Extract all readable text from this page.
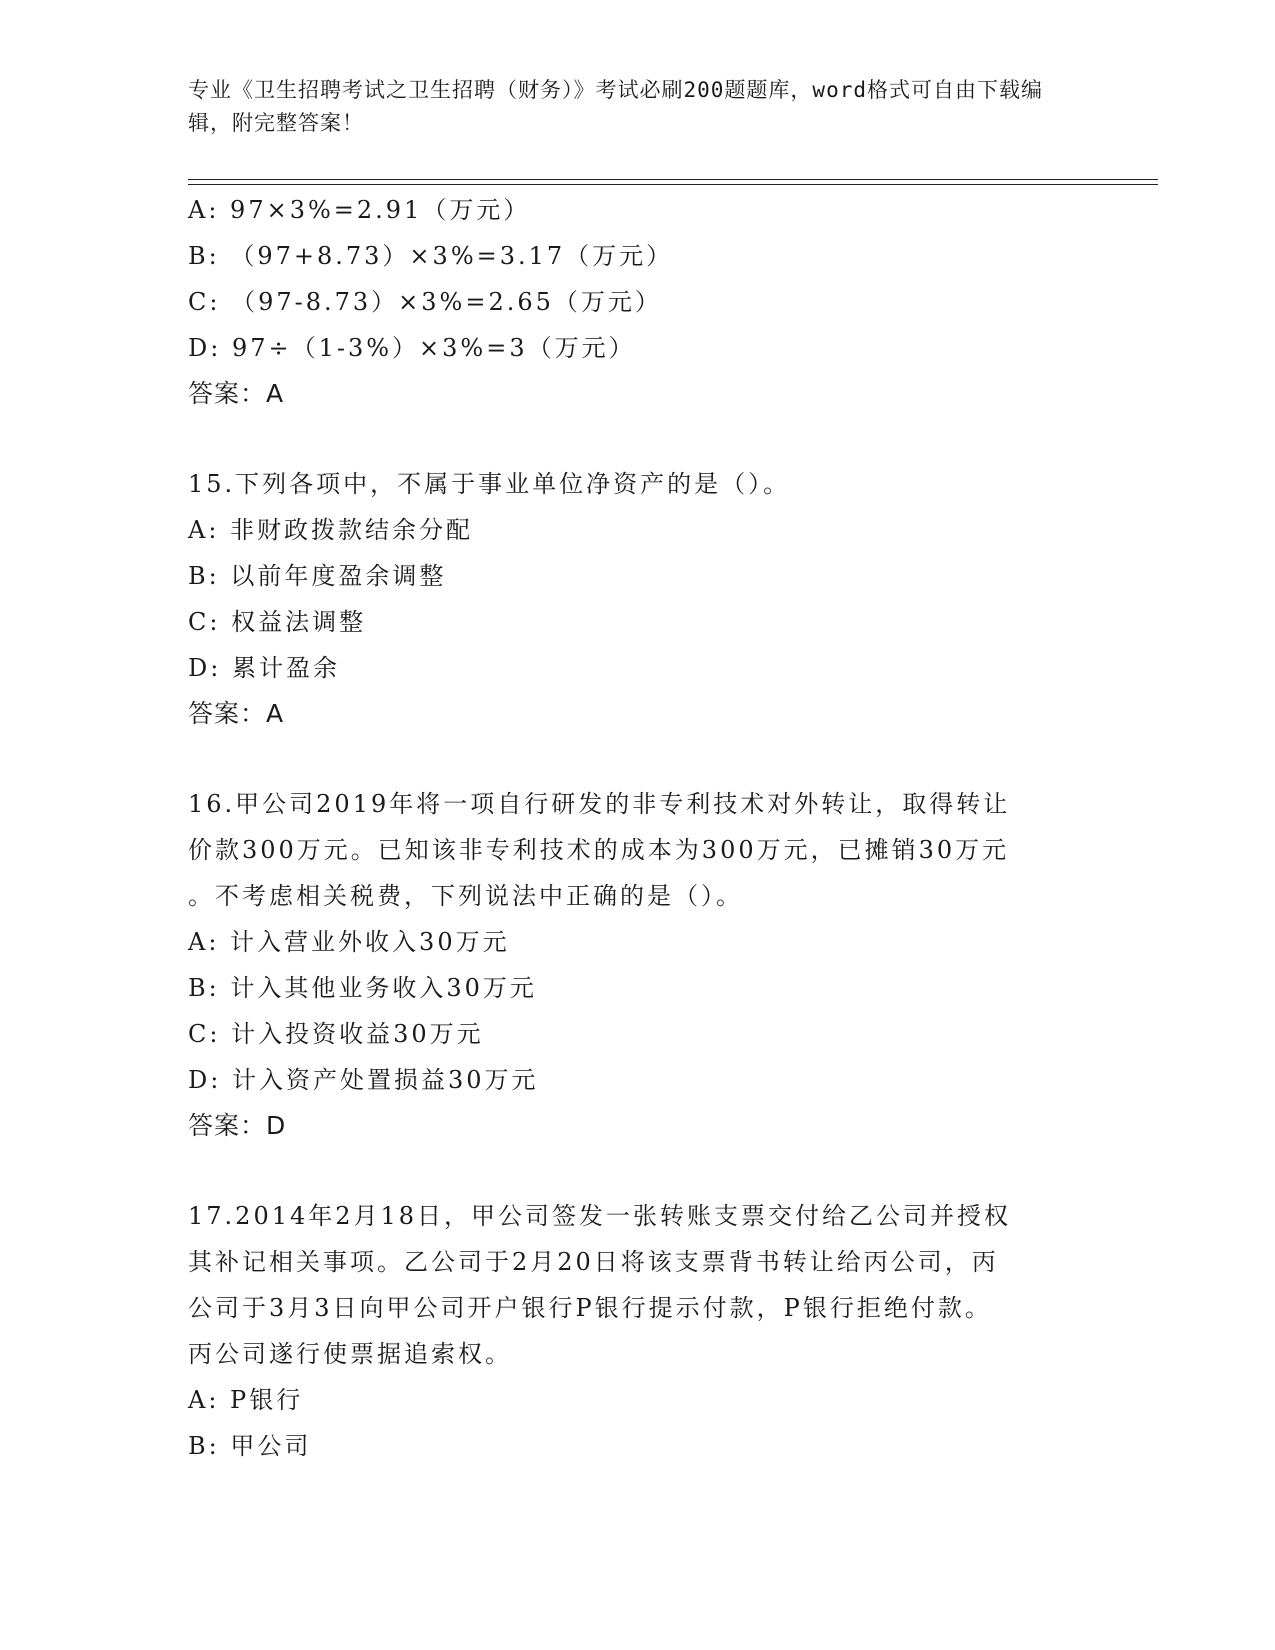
专业《卫生招聘考试之卫生招聘（财务）》考试必刷200题题库，word格式可自由下载编辑，附完整答案！
A: 97×3%=2.91（万元）
B: （97+8.73）×3%=3.17（万元）
C: （97-8.73）×3%=2.65（万元）
D: 97÷（1-3%）×3%=3（万元）
答案：A
15.下列各项中，不属于事业单位净资产的是（）。
A: 非财政拨款结余分配
B: 以前年度盈余调整
C: 权益法调整
D: 累计盈余
答案：A
16.甲公司2019年将一项自行研发的非专利技术对外转让，取得转让
价款300万元。已知该非专利技术的成本为300万元，已摊销30万元
。不考虑相关税费，下列说法中正确的是（）。
A: 计入营业外收入30万元
B: 计入其他业务收入30万元
C: 计入投资收益30万元
D: 计入资产处置损益30万元
答案：D
17.2014年2月18日，甲公司签发一张转账支票交付给乙公司并授权
其补记相关事项。乙公司于2月20日将该支票背书转让给丙公司，丙
公司于3月3日向甲公司开户银行P银行提示付款，P银行拒绝付款。
丙公司遂行使票据追索权。
A: P银行
B: 甲公司
